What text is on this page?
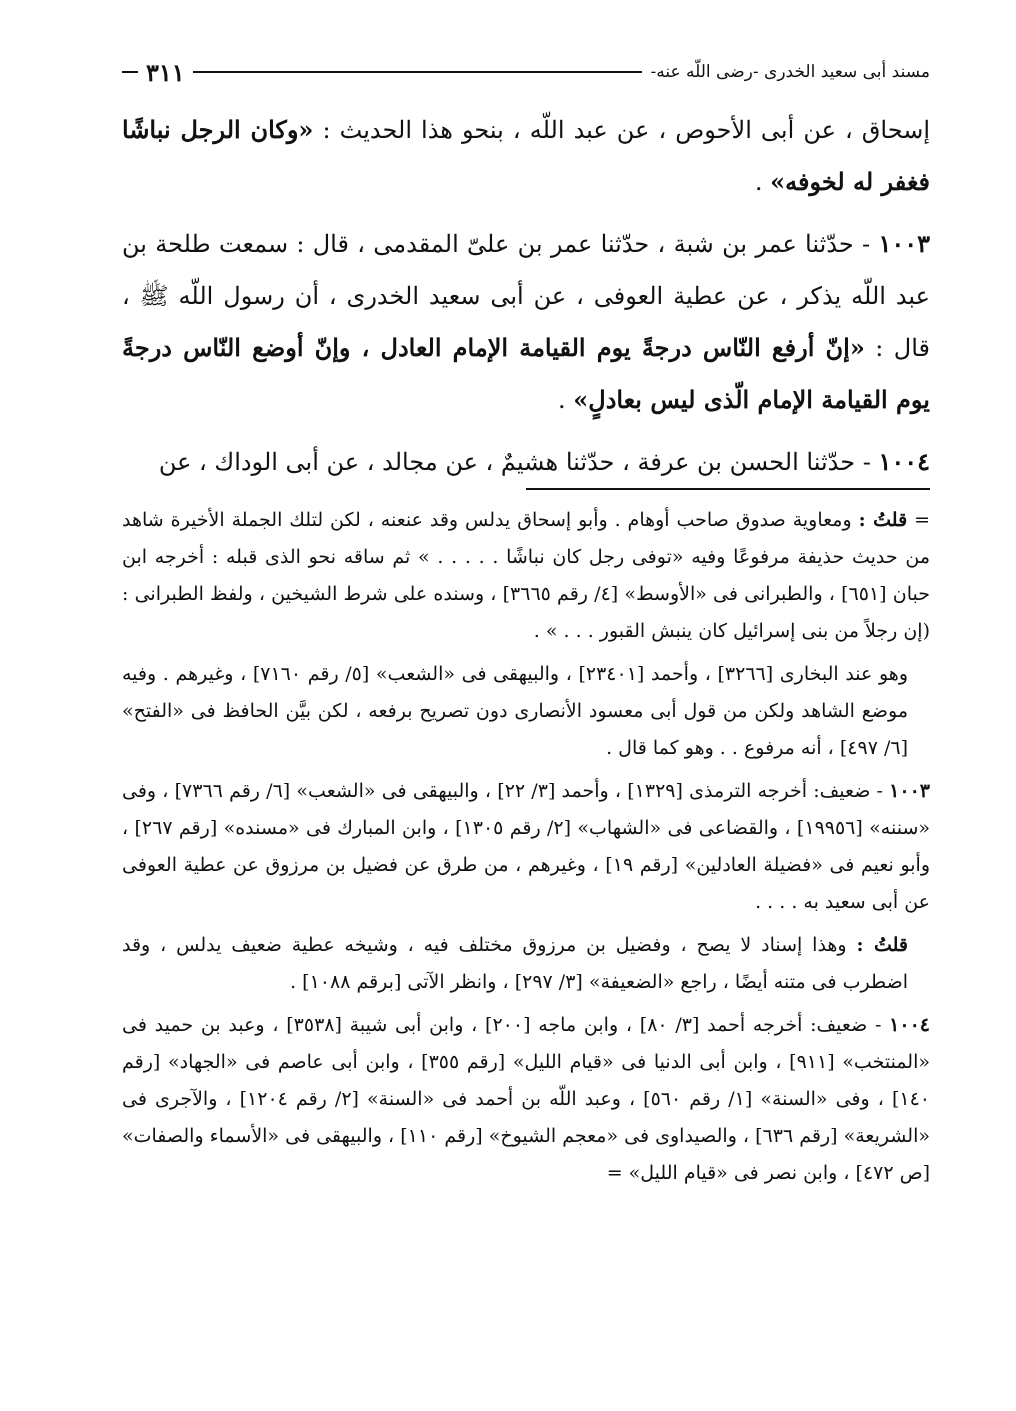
مسند أبى سعيد الخدرى -رضى اللّه عنه-
٣١١

إسحاق ، عن أبى الأحوص ، عن عبد اللّه ، بنحو هذا الحديث : «وكان الرجل نباشًا فغفر له لخوفه» .

١٠٠٣ - حدّثنا عمر بن شبة ، حدّثنا عمر بن علىّ المقدمى ، قال : سمعت طلحة بن عبد اللّه يذكر ، عن عطية العوفى ، عن أبى سعيد الخدرى ، أن رسول اللّه ﷺ ، قال : «إنّ أرفع النّاس درجةً يوم القيامة الإمام العادل ، وإنّ أوضع النّاس درجةً يوم القيامة الإمام الّذى ليس بعادلٍ» .

١٠٠٤ - حدّثنا الحسن بن عرفة ، حدّثنا هشيمٌ ، عن مجالد ، عن أبى الوداك ، عن

= قلتُ : ومعاوية صدوق صاحب أوهام . وأبو إسحاق يدلس وقد عنعنه ، لكن لتلك الجملة الأخيرة شاهد من حديث حذيفة مرفوعًا وفيه «توفى رجل كان نباشًا . . . . . » ثم ساقه نحو الذى قبله : أخرجه ابن حبان [٦٥١] ، والطبرانى فى «الأوسط» [٤/ رقم ٣٦٦٥] ، وسنده على شرط الشيخين ، ولفظ الطبرانى : (إن رجلاً من بنى إسرائيل كان ينبش القبور . . . » .

وهو عند البخارى [٣٢٦٦] ، وأحمد [٢٣٤٠١] ، والبيهقى فى «الشعب» [٥/ رقم ٧١٦٠] ، وغيرهم . وفيه موضع الشاهد ولكن من قول أبى معسود الأنصارى دون تصريح برفعه ، لكن بيَّن الحافظ فى «الفتح» [٦/ ٤٩٧] ، أنه مرفوع . . وهو كما قال .

١٠٠٣ - ضعيف: أخرجه الترمذى [١٣٢٩] ، وأحمد [٣/ ٢٢] ، والبيهقى فى «الشعب» [٦/ رقم ٧٣٦٦] ، وفى «سننه» [١٩٩٥٦] ، والقضاعى فى «الشهاب» [٢/ رقم ١٣٠٥] ، وابن المبارك فى «مسنده» [رقم ٢٦٧] ، وأبو نعيم فى «فضيلة العادلين» [رقم ١٩] ، وغيرهم ، من طرق عن فضيل بن مرزوق عن عطية العوفى عن أبى سعيد به . . . .

قلتُ : وهذا إسناد لا يصح ، وفضيل بن مرزوق مختلف فيه ، وشيخه عطية ضعيف يدلس ، وقد اضطرب فى متنه أيضًا ، راجع «الضعيفة» [٣/ ٢٩٧] ، وانظر الآتى [برقم ١٠٨٨] .

١٠٠٤ - ضعيف: أخرجه أحمد [٣/ ٨٠] ، وابن ماجه [٢٠٠] ، وابن أبى شيبة [٣٥٣٨] ، وعبد بن حميد فى «المنتخب» [٩١١] ، وابن أبى الدنيا فى «قيام الليل» [رقم ٣٥٥] ، وابن أبى عاصم فى «الجهاد» [رقم ١٤٠] ، وفى «السنة» [١/ رقم ٥٦٠] ، وعبد اللّه بن أحمد فى «السنة» [٢/ رقم ١٢٠٤] ، والآجرى فى «الشريعة» [رقم ٦٣٦] ، والصيداوى فى «معجم الشيوخ» [رقم ١١٠] ، والبيهقى فى «الأسماء والصفات» [ص ٤٧٢] ، وابن نصر فى «قيام الليل» =
